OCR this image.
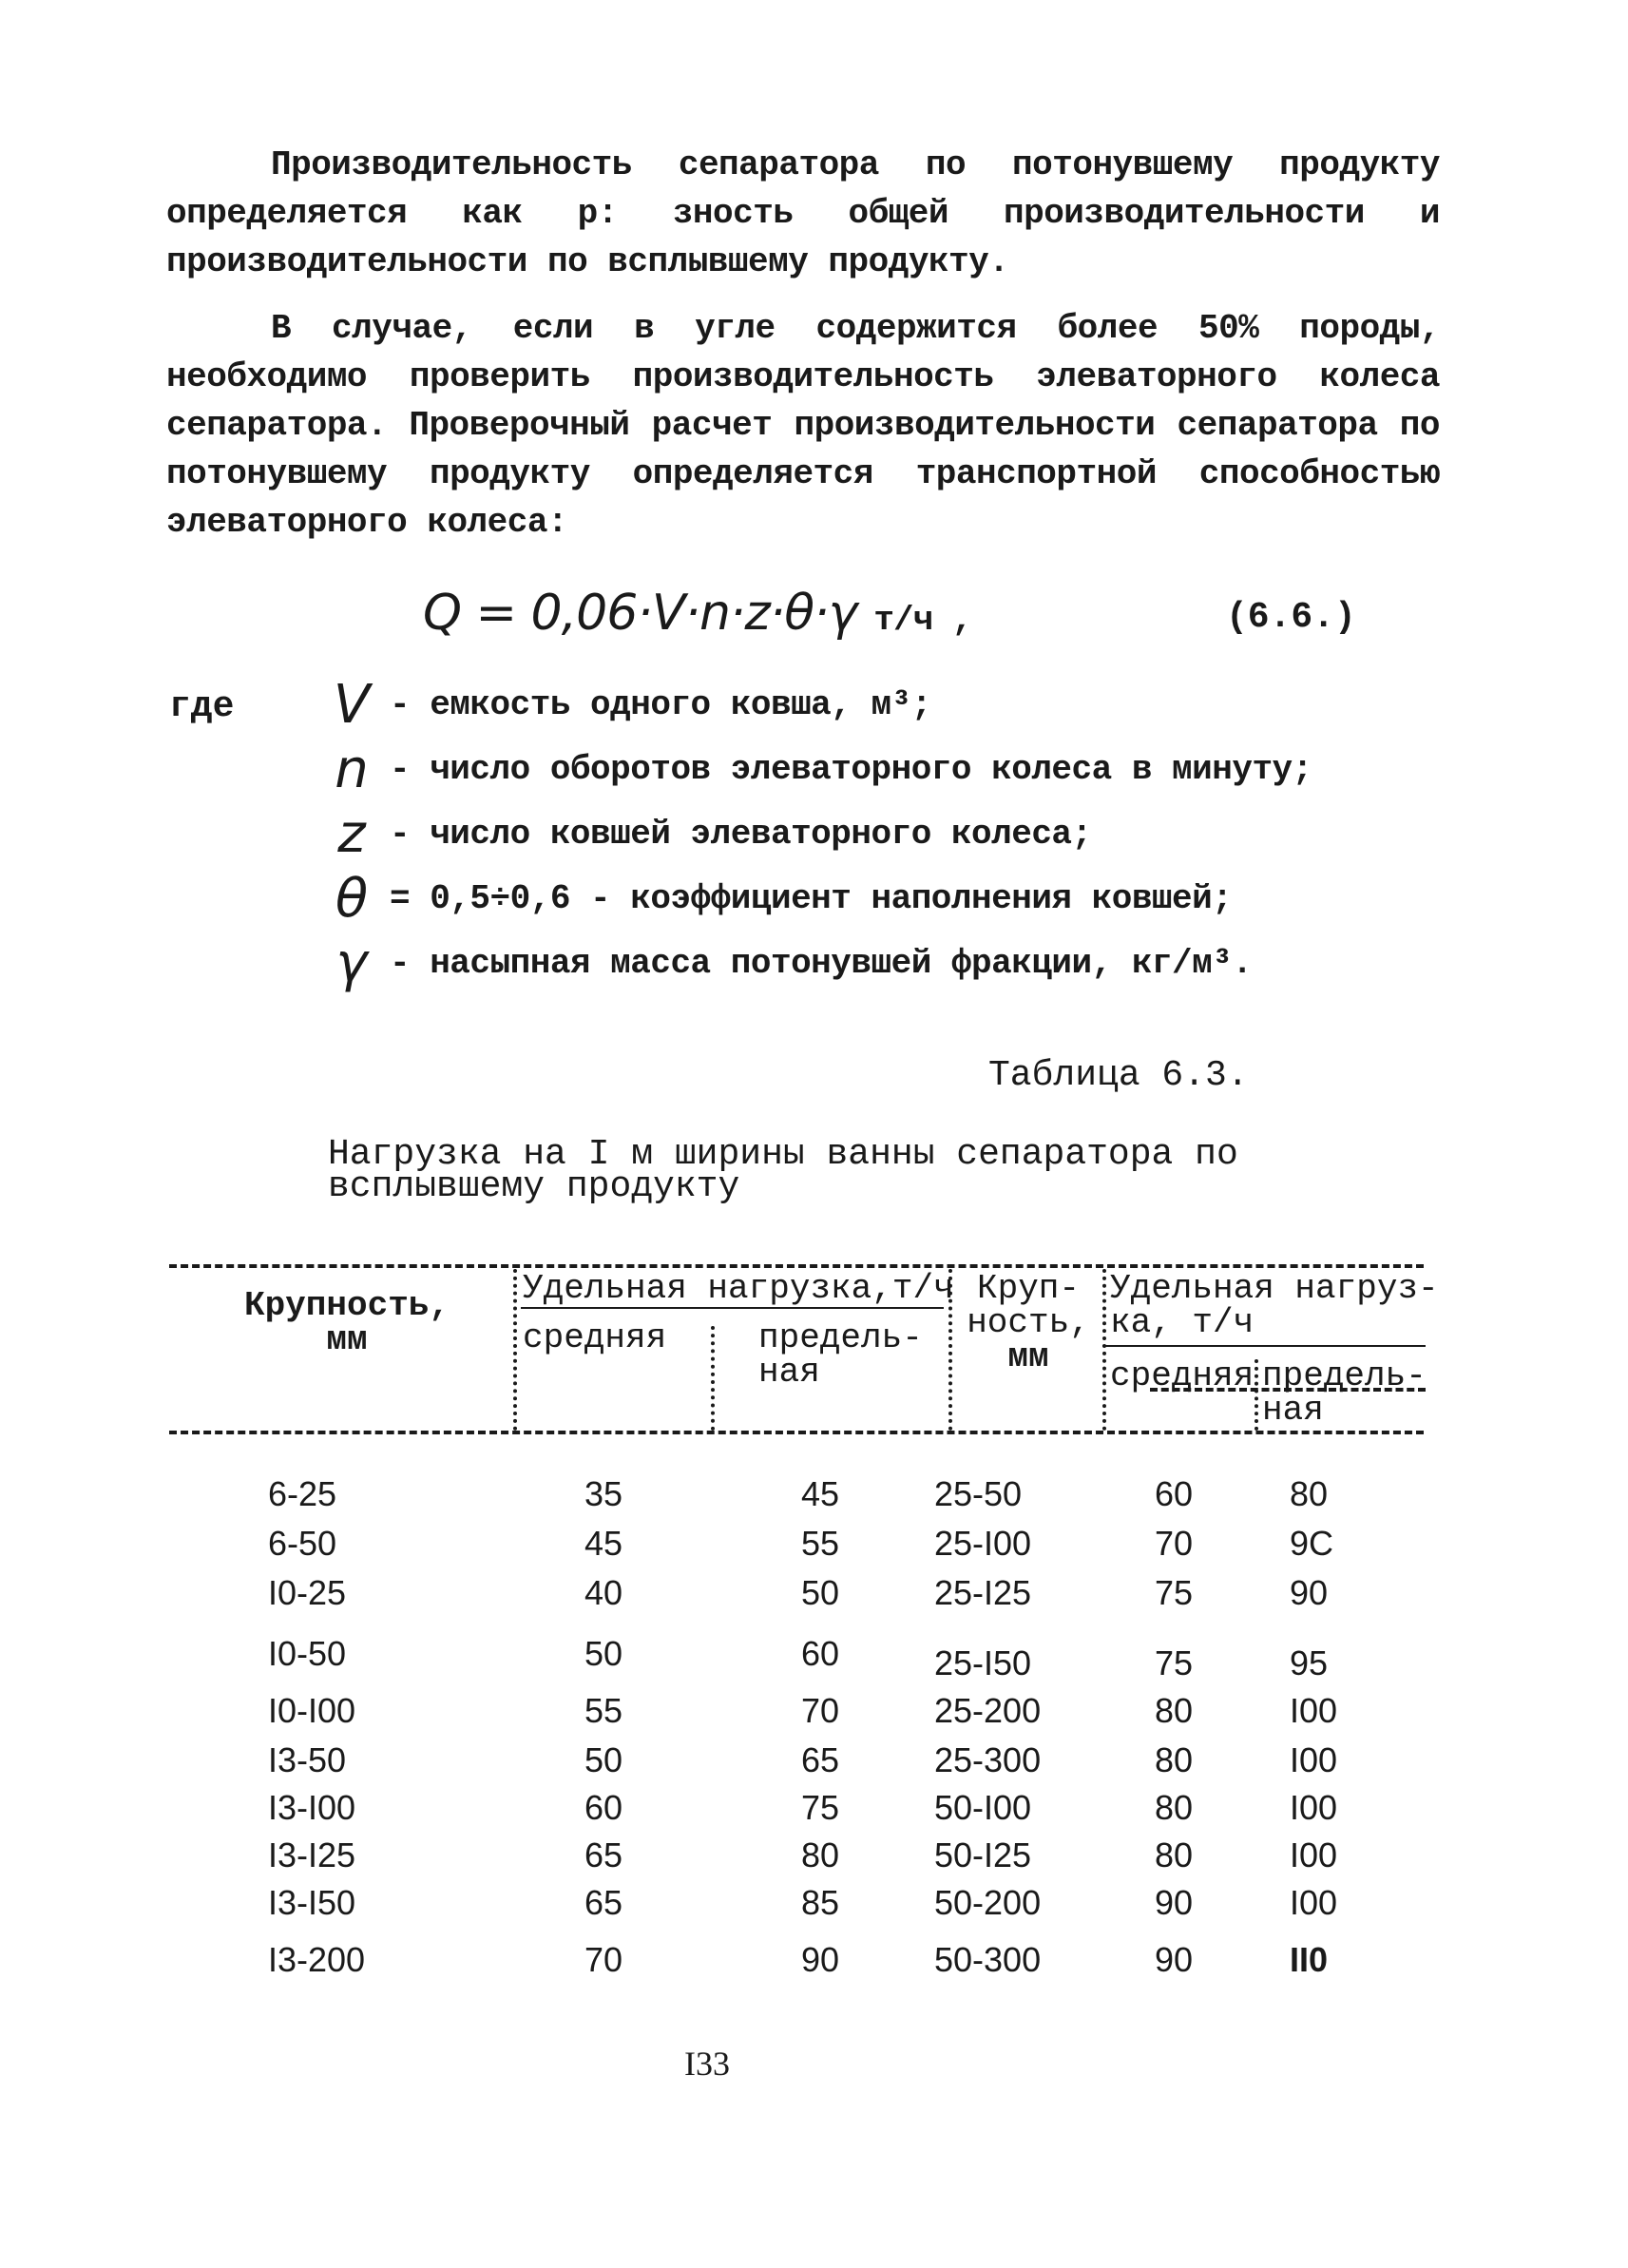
Производительность сепаратора по потонувшему продукту определяется как р: зность общей производительности и производительности по всплывшему продукту.

В случае, если в угле содержится более 50% породы, необходимо проверить производительность элеваторного колеса сепаратора. Проверочный расчет производительности сепаратора по потонувшему продукту определяется транспортной способностью элеваторного колеса:

Q = 0,06·V·n·z·θ·γ т/ч ,	(6.6.)
где	V - емкость одного ковша, м³;
n - число оборотов элеваторного колеса в минуту;
z - число ковшей элеваторного колеса;
θ = 0,5÷0,6 - коэффициент наполнения ковшей;
γ - насыпная масса потонувшей фракции, кг/м³.
Таблица 6.3.
Нагрузка на I м ширины ванны сепаратора по
всплывшему продукту
Крупность,
мм
Удельная нагрузка,т/ч
средняя	предель-
ная
Круп-
ность,
мм
Удельная нагруз-
ка, т/ч
средняя предель-
ная
6-25	35	45	25-50	60	80
6-50	45	55	25-I00	70	9C
I0-25	40	50	25-I25	75	90
I0-50	50	60	25-I50	75	95
I0-I00	55	70	25-200	80	I00
I3-50	50	65	25-300	80	I00
I3-I00	60	75	50-I00	80	I00
I3-I25	65	80	50-I25	80	I00
I3-I50	65	85	50-200	90	I00
I3-200	70	90	50-300	90	II0
I33
